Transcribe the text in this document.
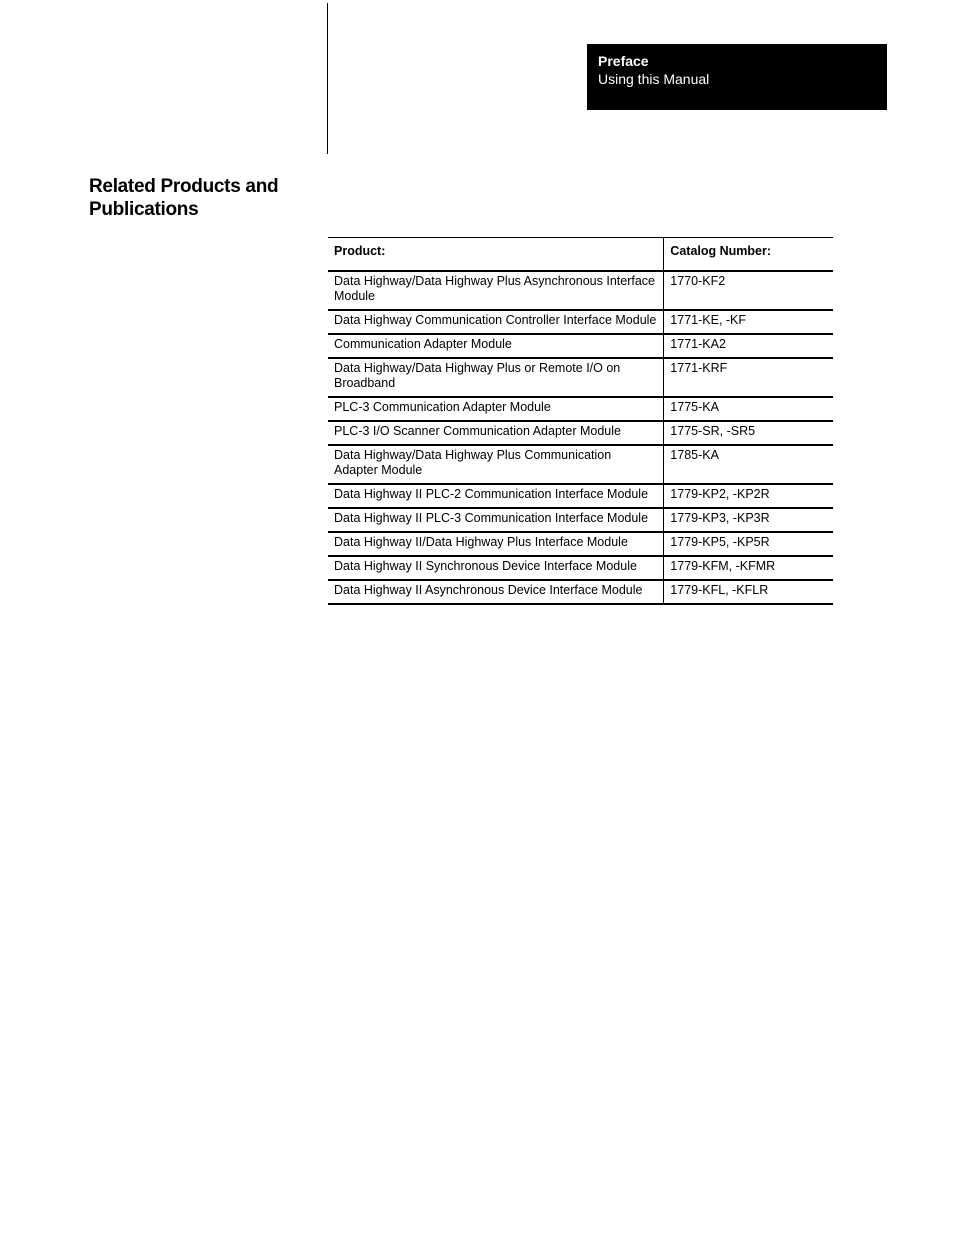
Preface
Using this Manual
Related Products and Publications
Product:	Catalog Number:
Data Highway/Data Highway Plus Asynchronous Interface Module	1770-KF2
Data Highway Communication Controller Interface Module	1771-KE, -KF
Communication Adapter Module	1771-KA2
Data Highway/Data Highway Plus or Remote I/O on Broadband	1771-KRF
PLC-3 Communication Adapter Module	1775-KA
PLC-3 I/O Scanner Communication Adapter Module	1775-SR, -SR5
Data Highway/Data Highway Plus Communication Adapter Module	1785-KA
Data Highway II PLC-2 Communication Interface Module	1779-KP2, -KP2R
Data Highway II PLC-3 Communication Interface Module	1779-KP3, -KP3R
Data Highway II/Data Highway Plus Interface Module	1779-KP5, -KP5R
Data Highway II Synchronous Device Interface Module	1779-KFM, -KFMR
Data Highway II Asynchronous Device Interface Module	1779-KFL, -KFLR
